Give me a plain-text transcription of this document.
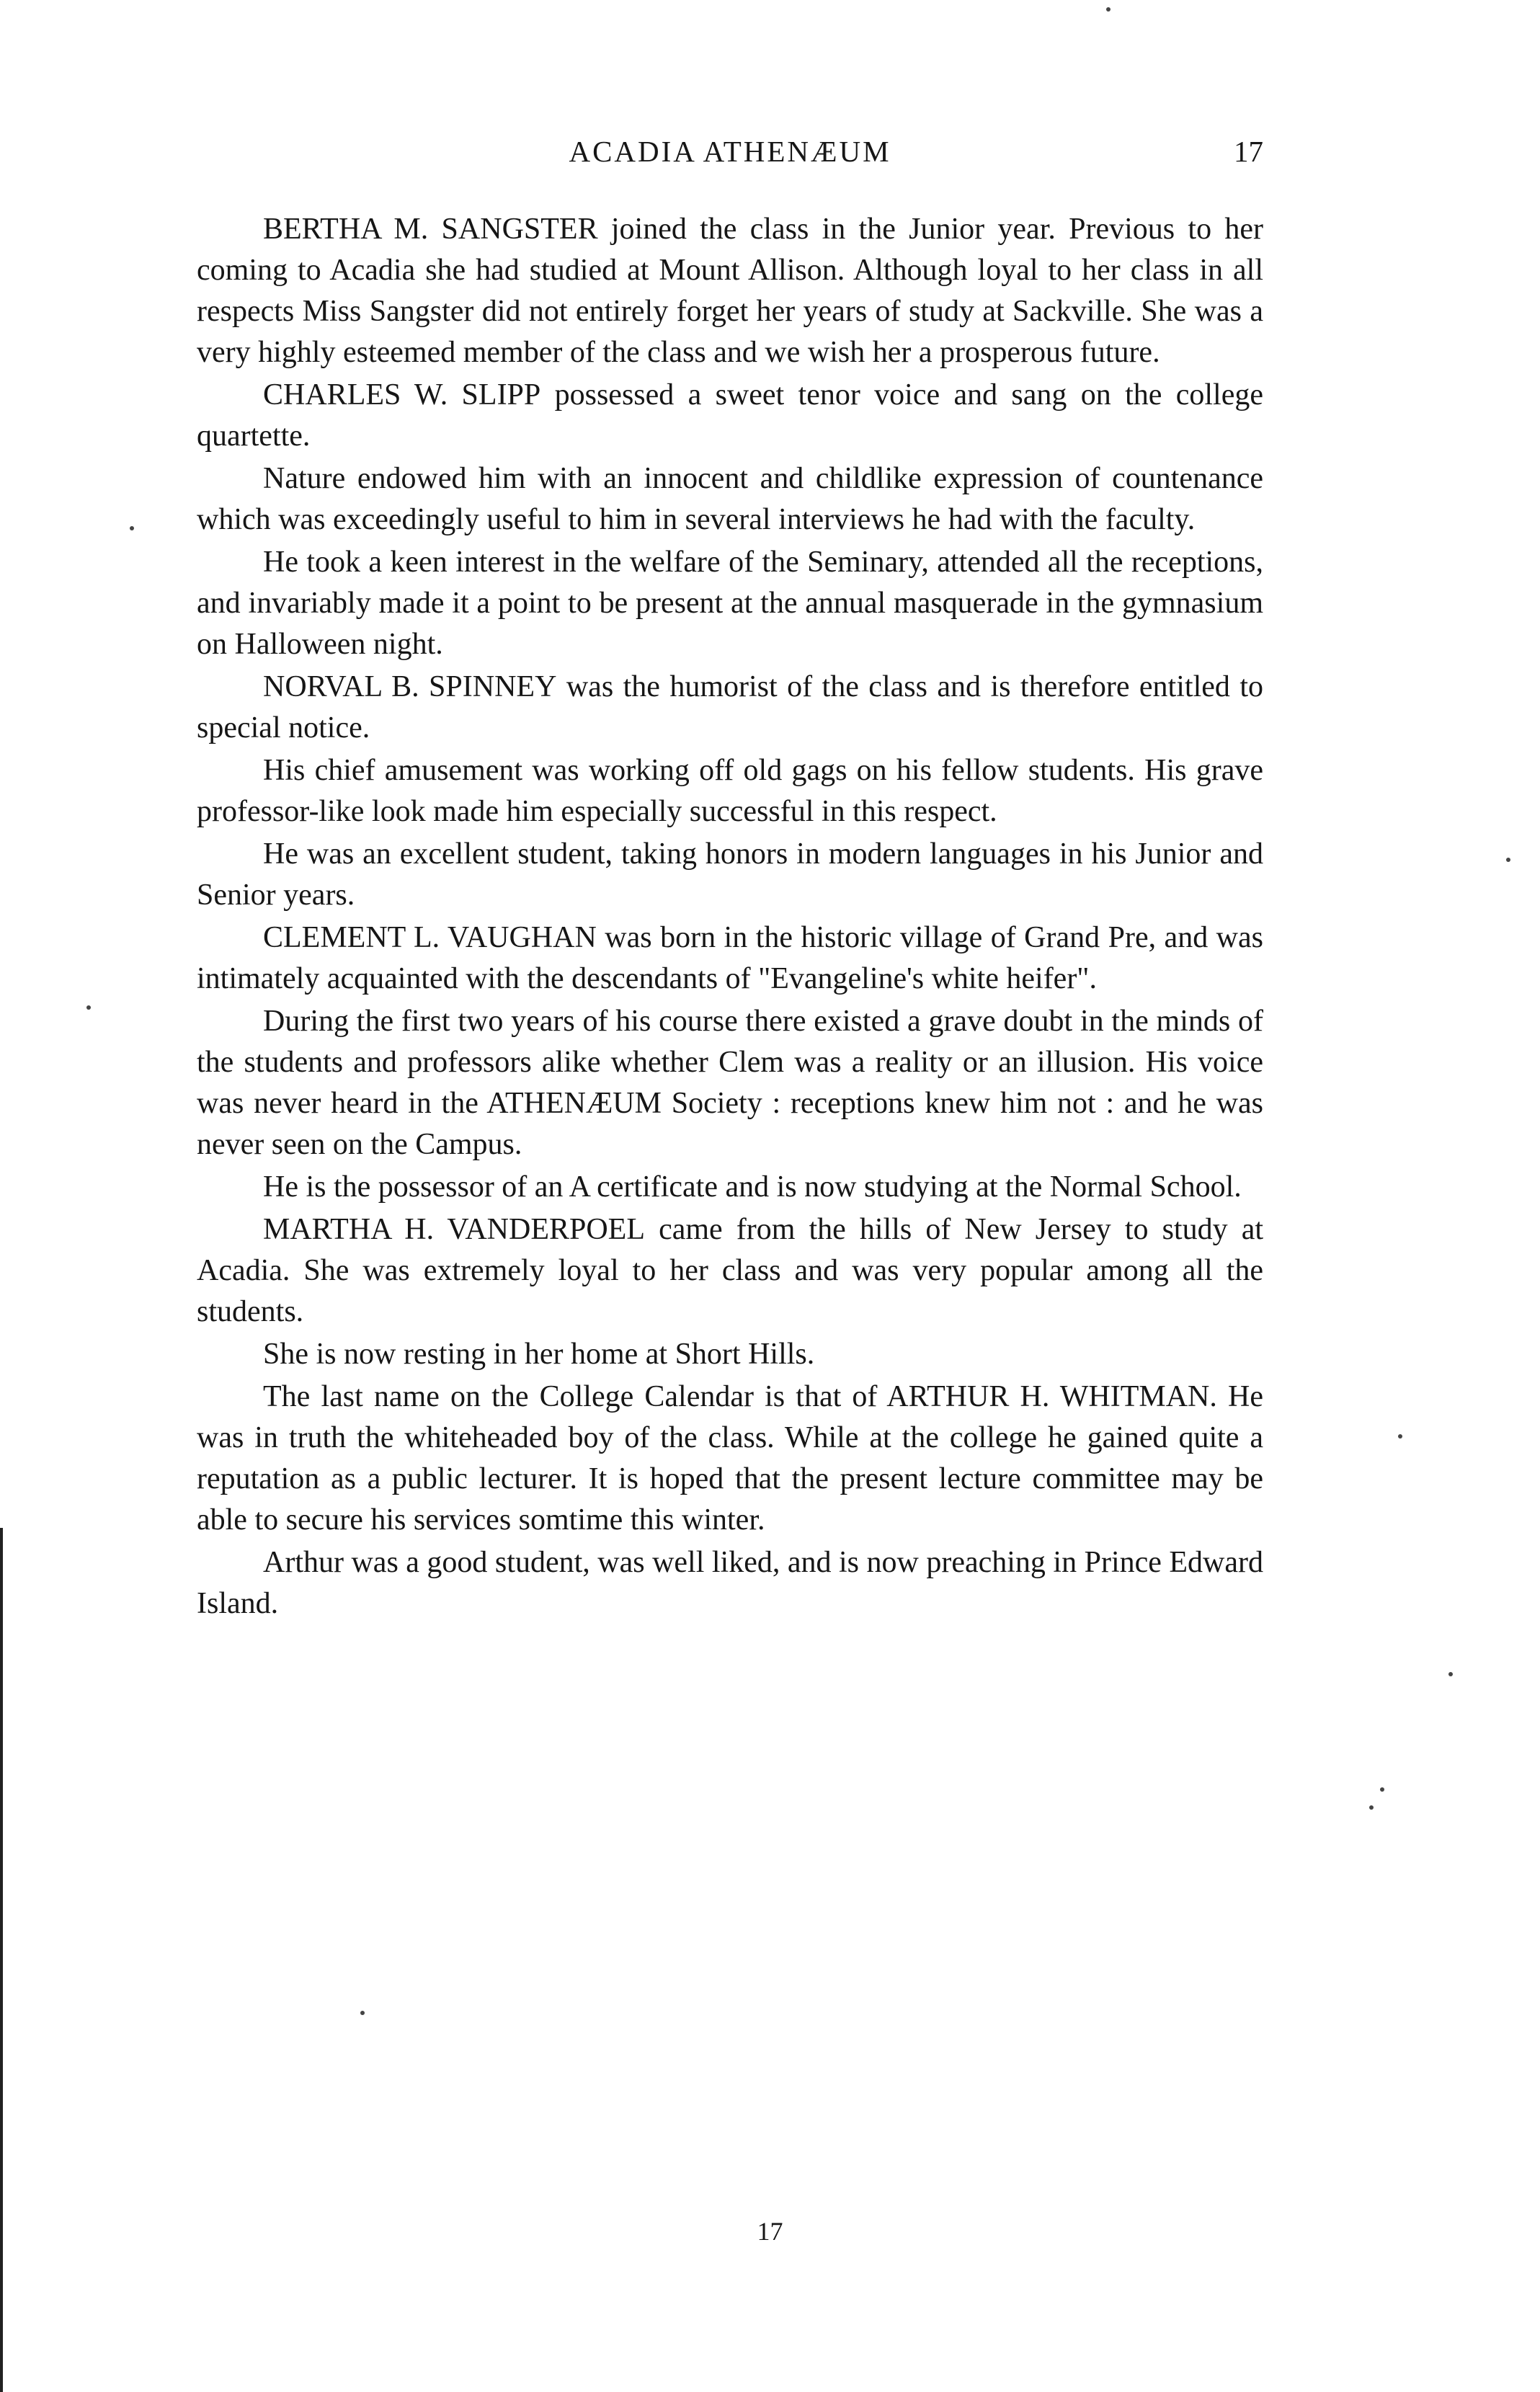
ACADIA ATHENÆUM	17

BERTHA M. SANGSTER joined the class in the Junior year. Previous to her coming to Acadia she had studied at Mount Allison. Although loyal to her class in all respects Miss Sangster did not entirely forget her years of study at Sackville. She was a very highly esteemed member of the class and we wish her a prosperous future.

CHARLES W. SLIPP possessed a sweet tenor voice and sang on the college quartette.

Nature endowed him with an innocent and childlike expression of countenance which was exceedingly useful to him in several interviews he had with the faculty.

He took a keen interest in the welfare of the Seminary, attended all the receptions, and invariably made it a point to be present at the annual masquerade in the gymnasium on Halloween night.

NORVAL B. SPINNEY was the humorist of the class and is therefore entitled to special notice.

His chief amusement was working off old gags on his fellow students. His grave professor-like look made him especially successful in this respect.

He was an excellent student, taking honors in modern languages in his Junior and Senior years.

CLEMENT L. VAUGHAN was born in the historic village of Grand Pre, and was intimately acquainted with the descendants of "Evangeline's white heifer".

During the first two years of his course there existed a grave doubt in the minds of the students and professors alike whether Clem was a reality or an illusion. His voice was never heard in the ATHENÆUM Society : receptions knew him not : and he was never seen on the Campus.

He is the possessor of an A certificate and is now studying at the Normal School.

MARTHA H. VANDERPOEL came from the hills of New Jersey to study at Acadia. She was extremely loyal to her class and was very popular among all the students.

She is now resting in her home at Short Hills.

The last name on the College Calendar is that of ARTHUR H. WHITMAN. He was in truth the whiteheaded boy of the class. While at the college he gained quite a reputation as a public lecturer. It is hoped that the present lecture committee may be able to secure his services somtime this winter.

Arthur was a good student, was well liked, and is now preaching in Prince Edward Island.

17
